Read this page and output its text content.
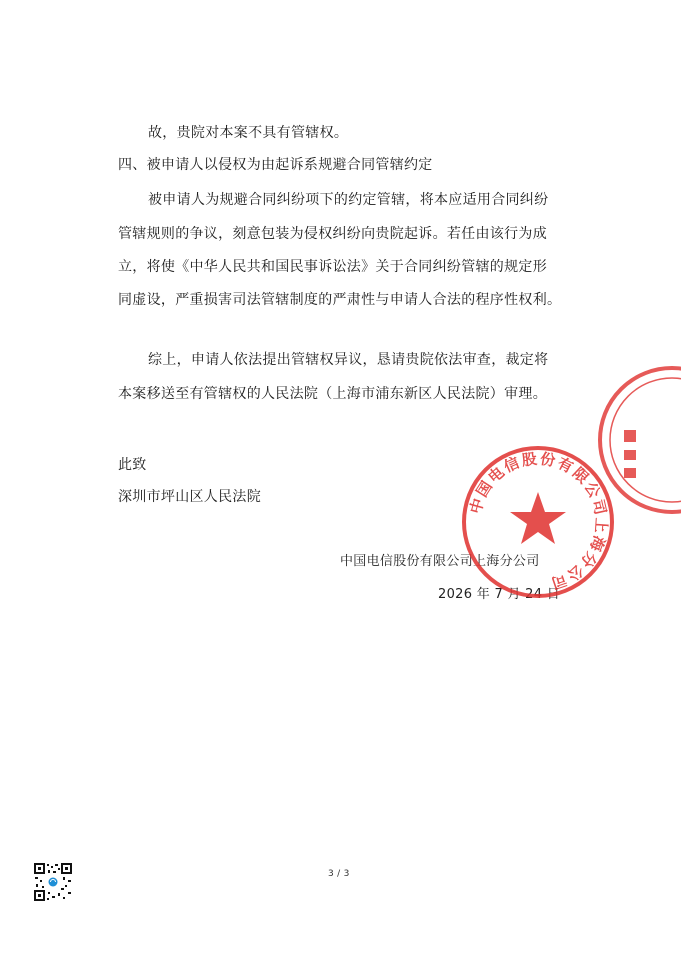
故，贵院对本案不具有管辖权。
四、被申请人以侵权为由起诉系规避合同管辖约定
被申请人为规避合同纠纷项下的约定管辖，将本应适用合同纠纷
管辖规则的争议，刻意包装为侵权纠纷向贵院起诉。若任由该行为成
立，将使《中华人民共和国民事诉讼法》关于合同纠纷管辖的规定形
同虚设，严重损害司法管辖制度的严肃性与申请人合法的程序性权利。
综上，申请人依法提出管辖权异议，恳请贵院依法审查，裁定将
本案移送至有管辖权的人民法院（上海市浦东新区人民法院）审理。
此致
深圳市坪山区人民法院
中国电信股份有限公司上海分公司
2026 年 7 月 24 日
中国电信股份有限公司上海分公司
3 / 3
